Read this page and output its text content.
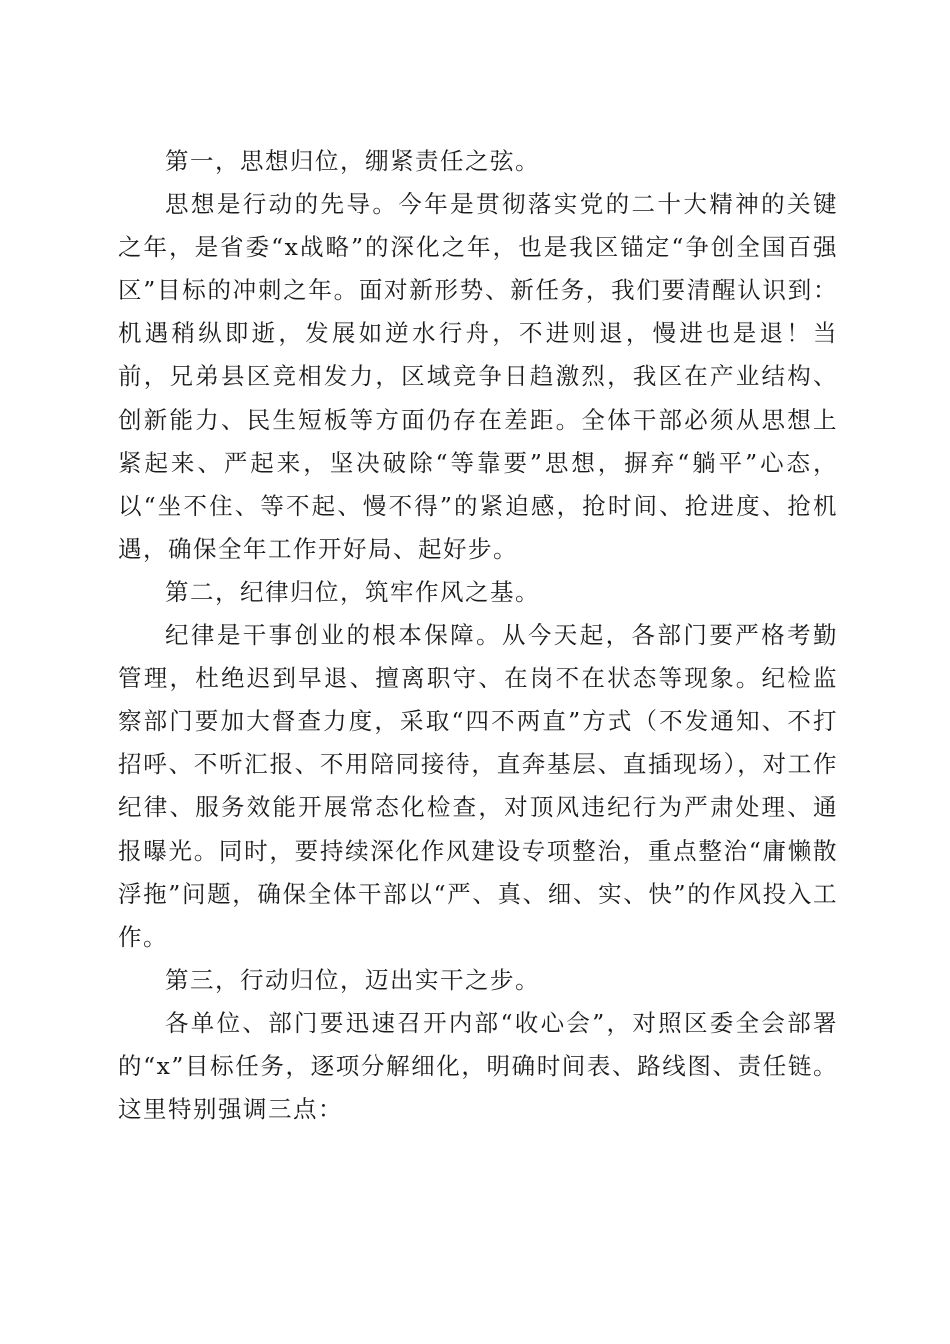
第一，思想归位，绷紧责任之弦。

思想是行动的先导。今年是贯彻落实党的二十大精神的关键之年，是省委“x战略”的深化之年，也是我区锚定“争创全国百强区”目标的冲刺之年。面对新形势、新任务，我们要清醒认识到：机遇稍纵即逝，发展如逆水行舟，不进则退，慢进也是退！当前，兄弟县区竞相发力，区域竞争日趋激烈，我区在产业结构、创新能力、民生短板等方面仍存在差距。全体干部必须从思想上紧起来、严起来，坚决破除“等靠要”思想，摒弃“躺平”心态，以“坐不住、等不起、慢不得”的紧迫感，抢时间、抢进度、抢机遇，确保全年工作开好局、起好步。

第二，纪律归位，筑牢作风之基。

纪律是干事创业的根本保障。从今天起，各部门要严格考勤管理，杜绝迟到早退、擅离职守、在岗不在状态等现象。纪检监察部门要加大督查力度，采取“四不两直”方式（不发通知、不打招呼、不听汇报、不用陪同接待，直奔基层、直插现场），对工作纪律、服务效能开展常态化检查，对顶风违纪行为严肃处理、通报曝光。同时，要持续深化作风建设专项整治，重点整治“庸懒散浮拖”问题，确保全体干部以“严、真、细、实、快”的作风投入工作。

第三，行动归位，迈出实干之步。

各单位、部门要迅速召开内部“收心会”，对照区委全会部署的“x”目标任务，逐项分解细化，明确时间表、路线图、责任链。这里特别强调三点：
